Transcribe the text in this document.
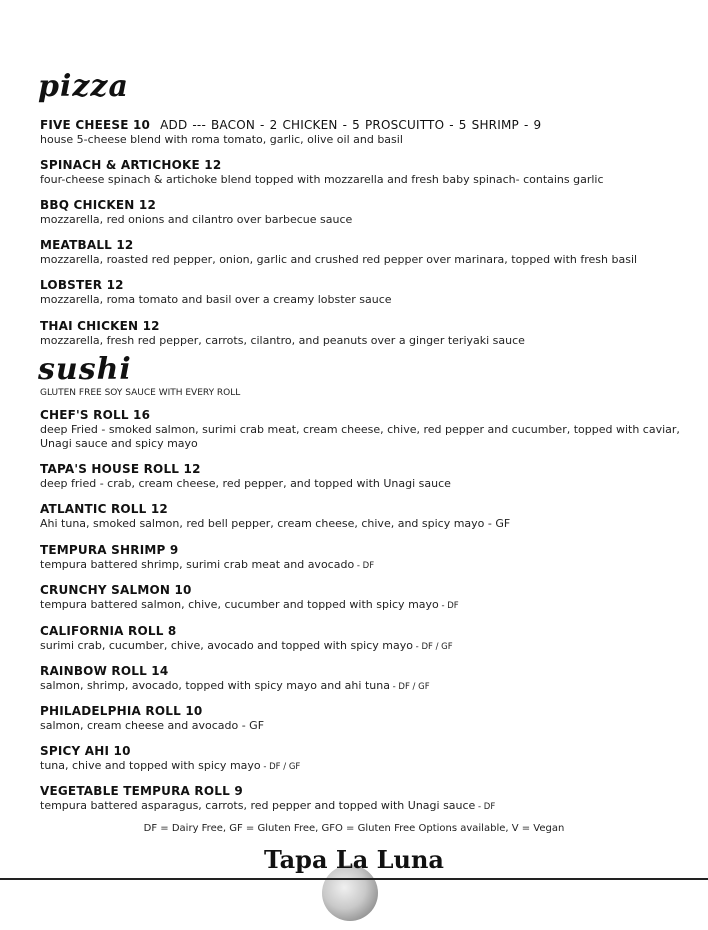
pizza
FIVE CHEESE 10 ADD --- BACON - 2 CHICKEN - 5 PROSCUITTO - 5 SHRIMP - 9
house 5-cheese blend with roma tomato, garlic, olive oil and basil
SPINACH & ARTICHOKE 12
four-cheese spinach & artichoke blend topped with mozzarella and fresh baby spinach- contains garlic
BBQ CHICKEN 12
mozzarella, red onions and cilantro over barbecue sauce
MEATBALL 12
mozzarella, roasted red pepper, onion, garlic and crushed red pepper over marinara, topped with fresh basil
LOBSTER 12
mozzarella, roma tomato and basil over a creamy lobster sauce
THAI CHICKEN 12
mozzarella, fresh red pepper, carrots, cilantro, and peanuts over a ginger teriyaki sauce
sushi
GLUTEN FREE SOY SAUCE WITH EVERY ROLL
CHEF'S ROLL 16
deep Fried - smoked salmon, surimi crab meat, cream cheese, chive, red pepper and cucumber, topped with caviar, Unagi sauce and spicy mayo
TAPA'S HOUSE ROLL 12
deep fried - crab, cream cheese, red pepper, and topped with Unagi sauce
ATLANTIC ROLL 12
Ahi tuna, smoked salmon, red bell pepper, cream cheese, chive, and spicy mayo - GF
TEMPURA SHRIMP 9
tempura battered shrimp, surimi crab meat and avocado - DF
CRUNCHY SALMON 10
tempura battered salmon, chive, cucumber and topped with spicy mayo - DF
CALIFORNIA ROLL 8
surimi crab, cucumber, chive, avocado and topped with spicy mayo - DF / GF
RAINBOW ROLL 14
salmon, shrimp, avocado, topped with spicy mayo and ahi tuna - DF / GF
PHILADELPHIA ROLL 10
salmon, cream cheese and avocado - GF
SPICY AHI 10
tuna, chive and topped with spicy mayo - DF / GF
VEGETABLE TEMPURA ROLL 9
tempura battered asparagus, carrots, red pepper and topped with Unagi sauce - DF
DF = Dairy Free, GF = Gluten Free, GFO = Gluten Free Options available, V = Vegan
Tapa La Luna
